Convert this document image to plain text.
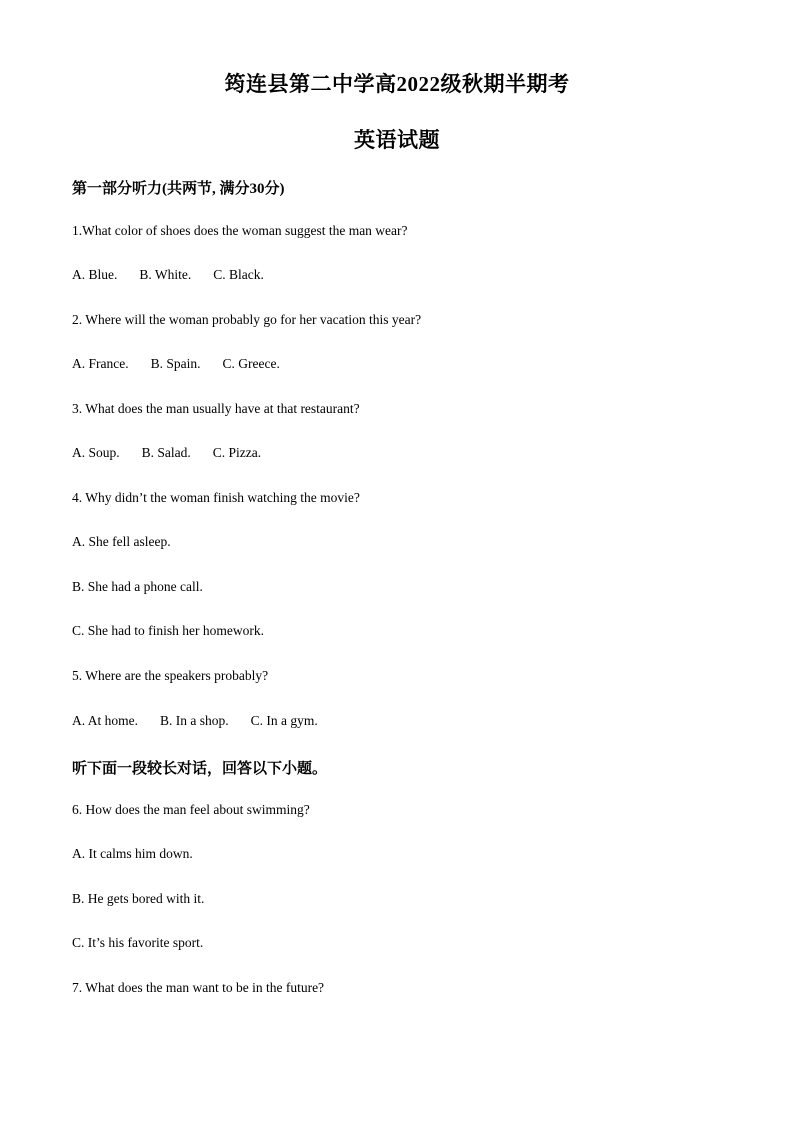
筠连县第二中学高2022级秋期半期考
英语试题
第一部分听力(共两节, 满分30分)
1.What color of shoes does the woman suggest the man wear?
A. Blue. B. White. C. Black.
2. Where will the woman probably go for her vacation this year?
A. France. B. Spain. C. Greece.
3. What does the man usually have at that restaurant?
A. Soup. B. Salad. C. Pizza.
4. Why didn’t the woman finish watching the movie?
A. She fell asleep.
B. She had a phone call.
C. She had to finish her homework.
5. Where are the speakers probably?
A. At home. B. In a shop. C. In a gym.
听下面一段较长对话，回答以下小题。
6. How does the man feel about swimming?
A. It calms him down.
B. He gets bored with it.
C. It’s his favorite sport.
7. What does the man want to be in the future?
